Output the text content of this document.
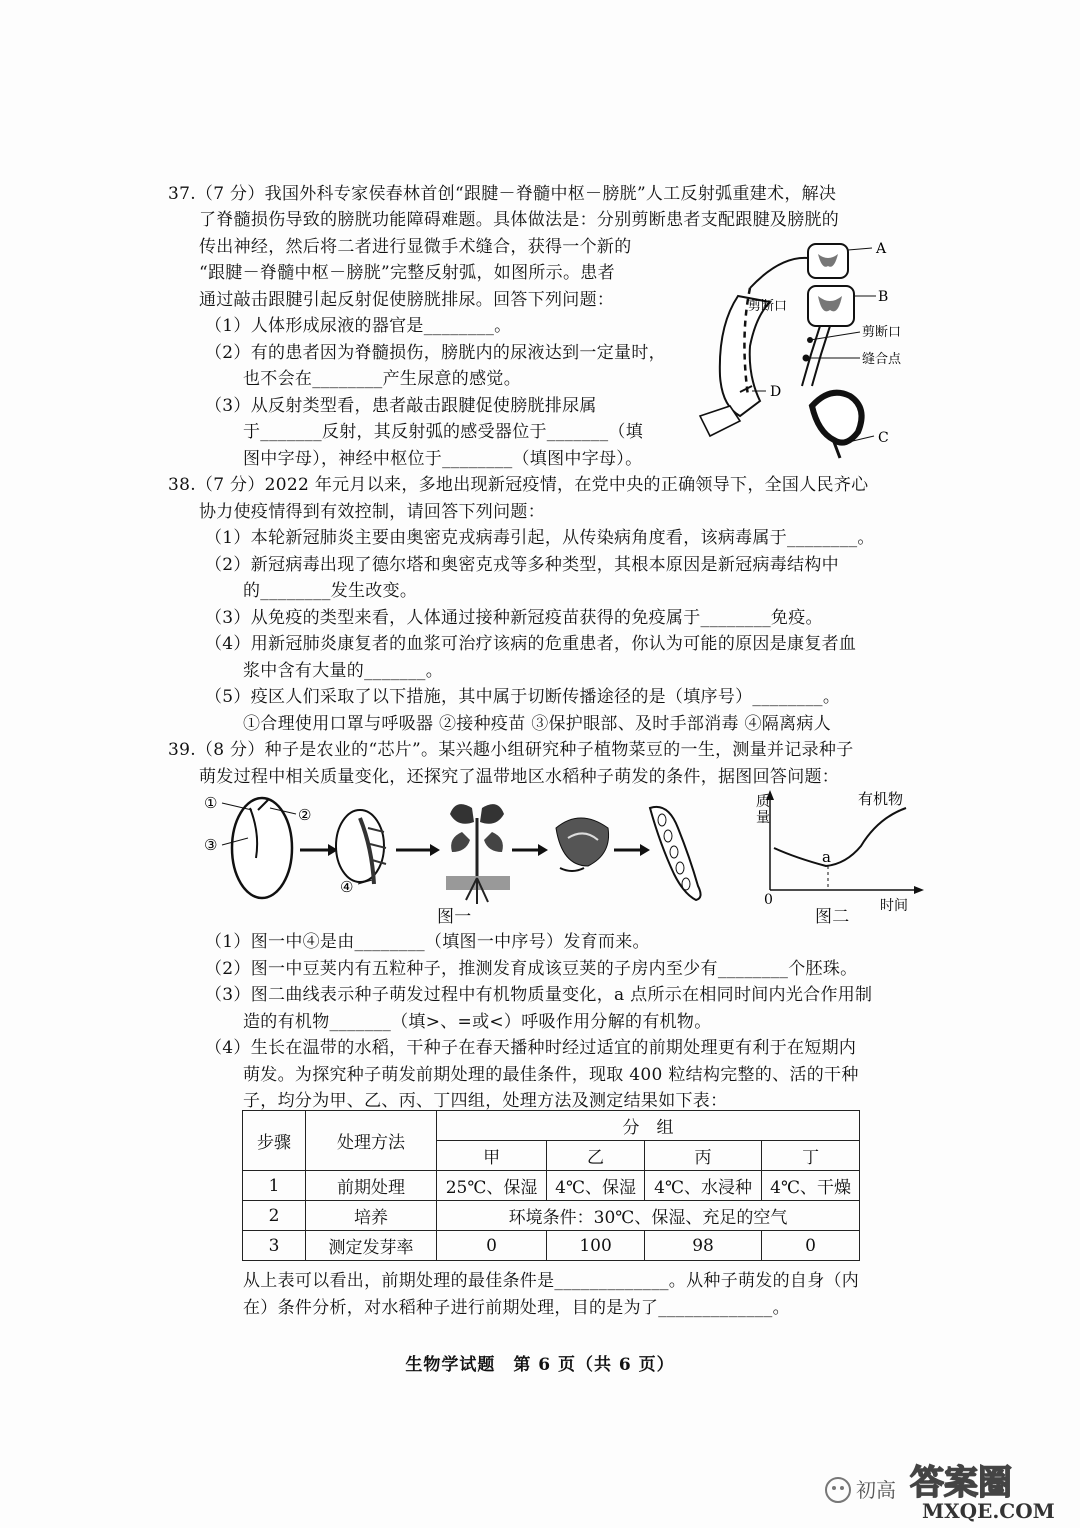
37.（7 分）我国外科专家侯春林首创“跟腱－脊髓中枢－膀胱”人工反射弧重建术，解决
了脊髓损伤导致的膀胱功能障碍难题。具体做法是：分别剪断患者支配跟腱及膀胱的
传出神经，然后将二者进行显微手术缝合，获得一个新的
“跟腱－脊髓中枢－膀胱”完整反射弧，如图所示。患者
通过敲击跟腱引起反射促使膀胱排尿。回答下列问题：
（1）人体形成尿液的器官是________。
（2）有的患者因为脊髓损伤，膀胱内的尿液达到一定量时，
也不会在________产生尿意的感觉。
（3）从反射类型看，患者敲击跟腱促使膀胱排尿属
于_______反射，其反射弧的感受器位于_______（填
图中字母），神经中枢位于________（填图中字母）。
A
B
C
D
剪断口
剪断口
缝合点
38.（7 分）2022 年元月以来，多地出现新冠疫情，在党中央的正确领导下，全国人民齐心
协力使疫情得到有效控制，请回答下列问题：
（1）本轮新冠肺炎主要由奥密克戎病毒引起，从传染病角度看，该病毒属于________。
（2）新冠病毒出现了德尔塔和奥密克戎等多种类型，其根本原因是新冠病毒结构中
的________发生改变。
（3）从免疫的类型来看，人体通过接种新冠疫苗获得的免疫属于________免疫。
（4）用新冠肺炎康复者的血浆可治疗该病的危重患者，你认为可能的原因是康复者血
浆中含有大量的_______。
（5）疫区人们采取了以下措施，其中属于切断传播途径的是（填序号）________。
①合理使用口罩与呼吸器 ②接种疫苗 ③保护眼部、及时手部消毒 ④隔离病人
39.（8 分）种子是农业的“芯片”。某兴趣小组研究种子植物菜豆的一生，测量并记录种子
萌发过程中相关质量变化，还探究了温带地区水稻种子萌发的条件，据图回答问题：
①
②
③
④
图一
质
量
有机物
a
0	时间
图二
（1）图一中④是由________（填图一中序号）发育而来。
（2）图一中豆荚内有五粒种子，推测发育成该豆荚的子房内至少有________个胚珠。
（3）图二曲线表示种子萌发过程中有机物质量变化，a 点所示在相同时间内光合作用制
造的有机物_______（填>、=或<）呼吸作用分解的有机物。
（4）生长在温带的水稻，干种子在春天播种时经过适宜的前期处理更有利于在短期内
萌发。为探究种子萌发前期处理的最佳条件，现取 400 粒结构完整的、活的干种
子，均分为甲、乙、丙、丁四组，处理方法及测定结果如下表：
步骤	处理方法	分　组			
		甲	乙	丙	丁
1	前期处理	25℃、保湿	4℃、保湿	4℃、水浸种	4℃、干燥
2	培养	环境条件：30℃、保湿、充足的空气			
3	测定发芽率	0	100	98	0
从上表可以看出，前期处理的最佳条件是_____________。从种子萌发的自身（内
在）条件分析，对水稻种子进行前期处理，目的是为了_____________。
生物学试题　第 6 页（共 6 页）
初高 答案圈
MXQE.COM
